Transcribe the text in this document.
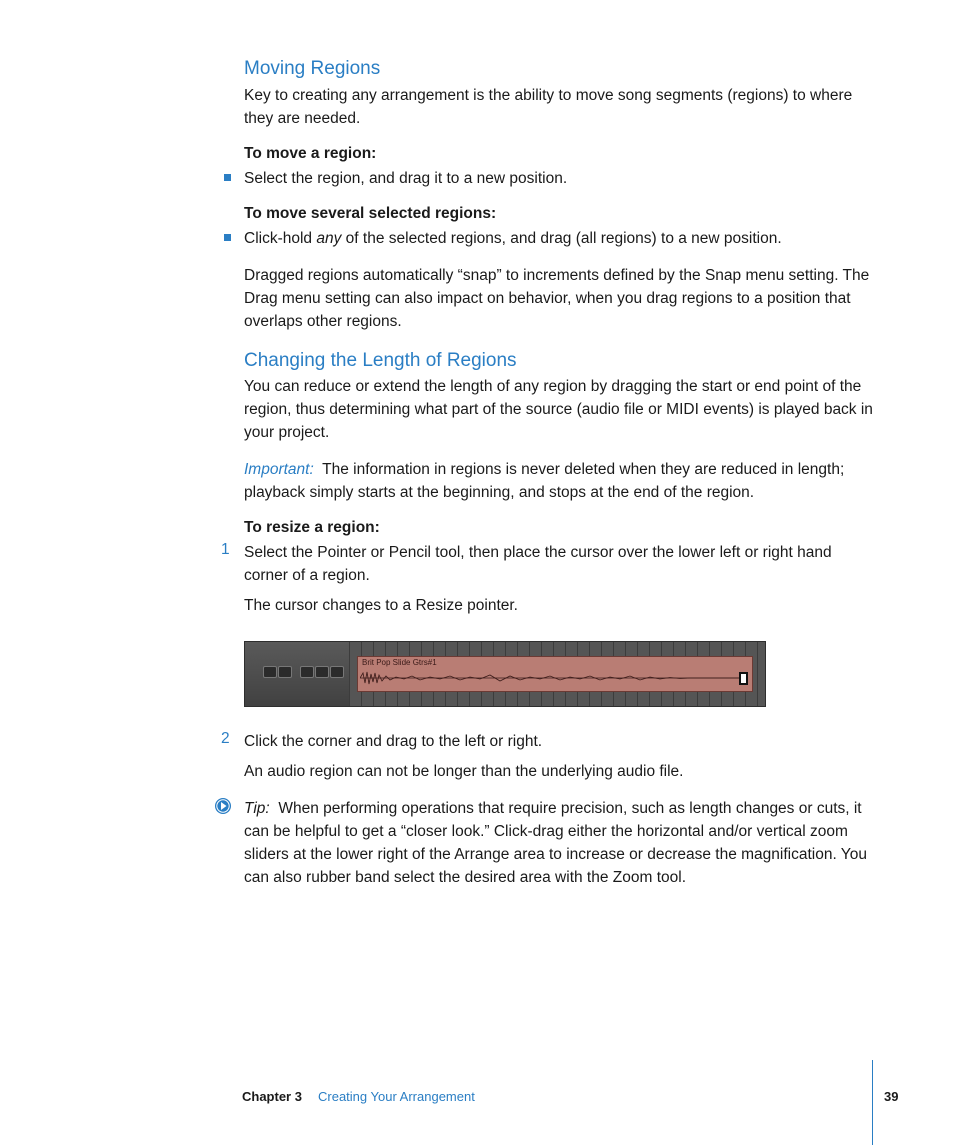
Moving Regions

Key to creating any arrangement is the ability to move song segments (regions) to where they are needed.

To move a region:

Select the region, and drag it to a new position.

To move several selected regions:

Click-hold any of the selected regions, and drag (all regions) to a new position.

Dragged regions automatically “snap” to increments defined by the Snap menu setting. The Drag menu setting can also impact on behavior, when you drag regions to a position that overlaps other regions.

Changing the Length of Regions

You can reduce or extend the length of any region by dragging the start or end point of the region, thus determining what part of the source (audio file or MIDI events) is played back in your project.

Important: The information in regions is never deleted when they are reduced in length; playback simply starts at the beginning, and stops at the end of the region.

To resize a region:

1 Select the Pointer or Pencil tool, then place the cursor over the lower left or right hand corner of a region.

The cursor changes to a Resize pointer.

Brit Pop Slide Gtrs#1
2 Click the corner and drag to the left or right.

An audio region can not be longer than the underlying audio file.

Tip: When performing operations that require precision, such as length changes or cuts, it can be helpful to get a “closer look.” Click-drag either the horizontal and/or vertical zoom sliders at the lower right of the Arrange area to increase or decrease the magnification. You can also rubber band select the desired area with the Zoom tool.

Chapter 3 Creating Your Arrangement	39
